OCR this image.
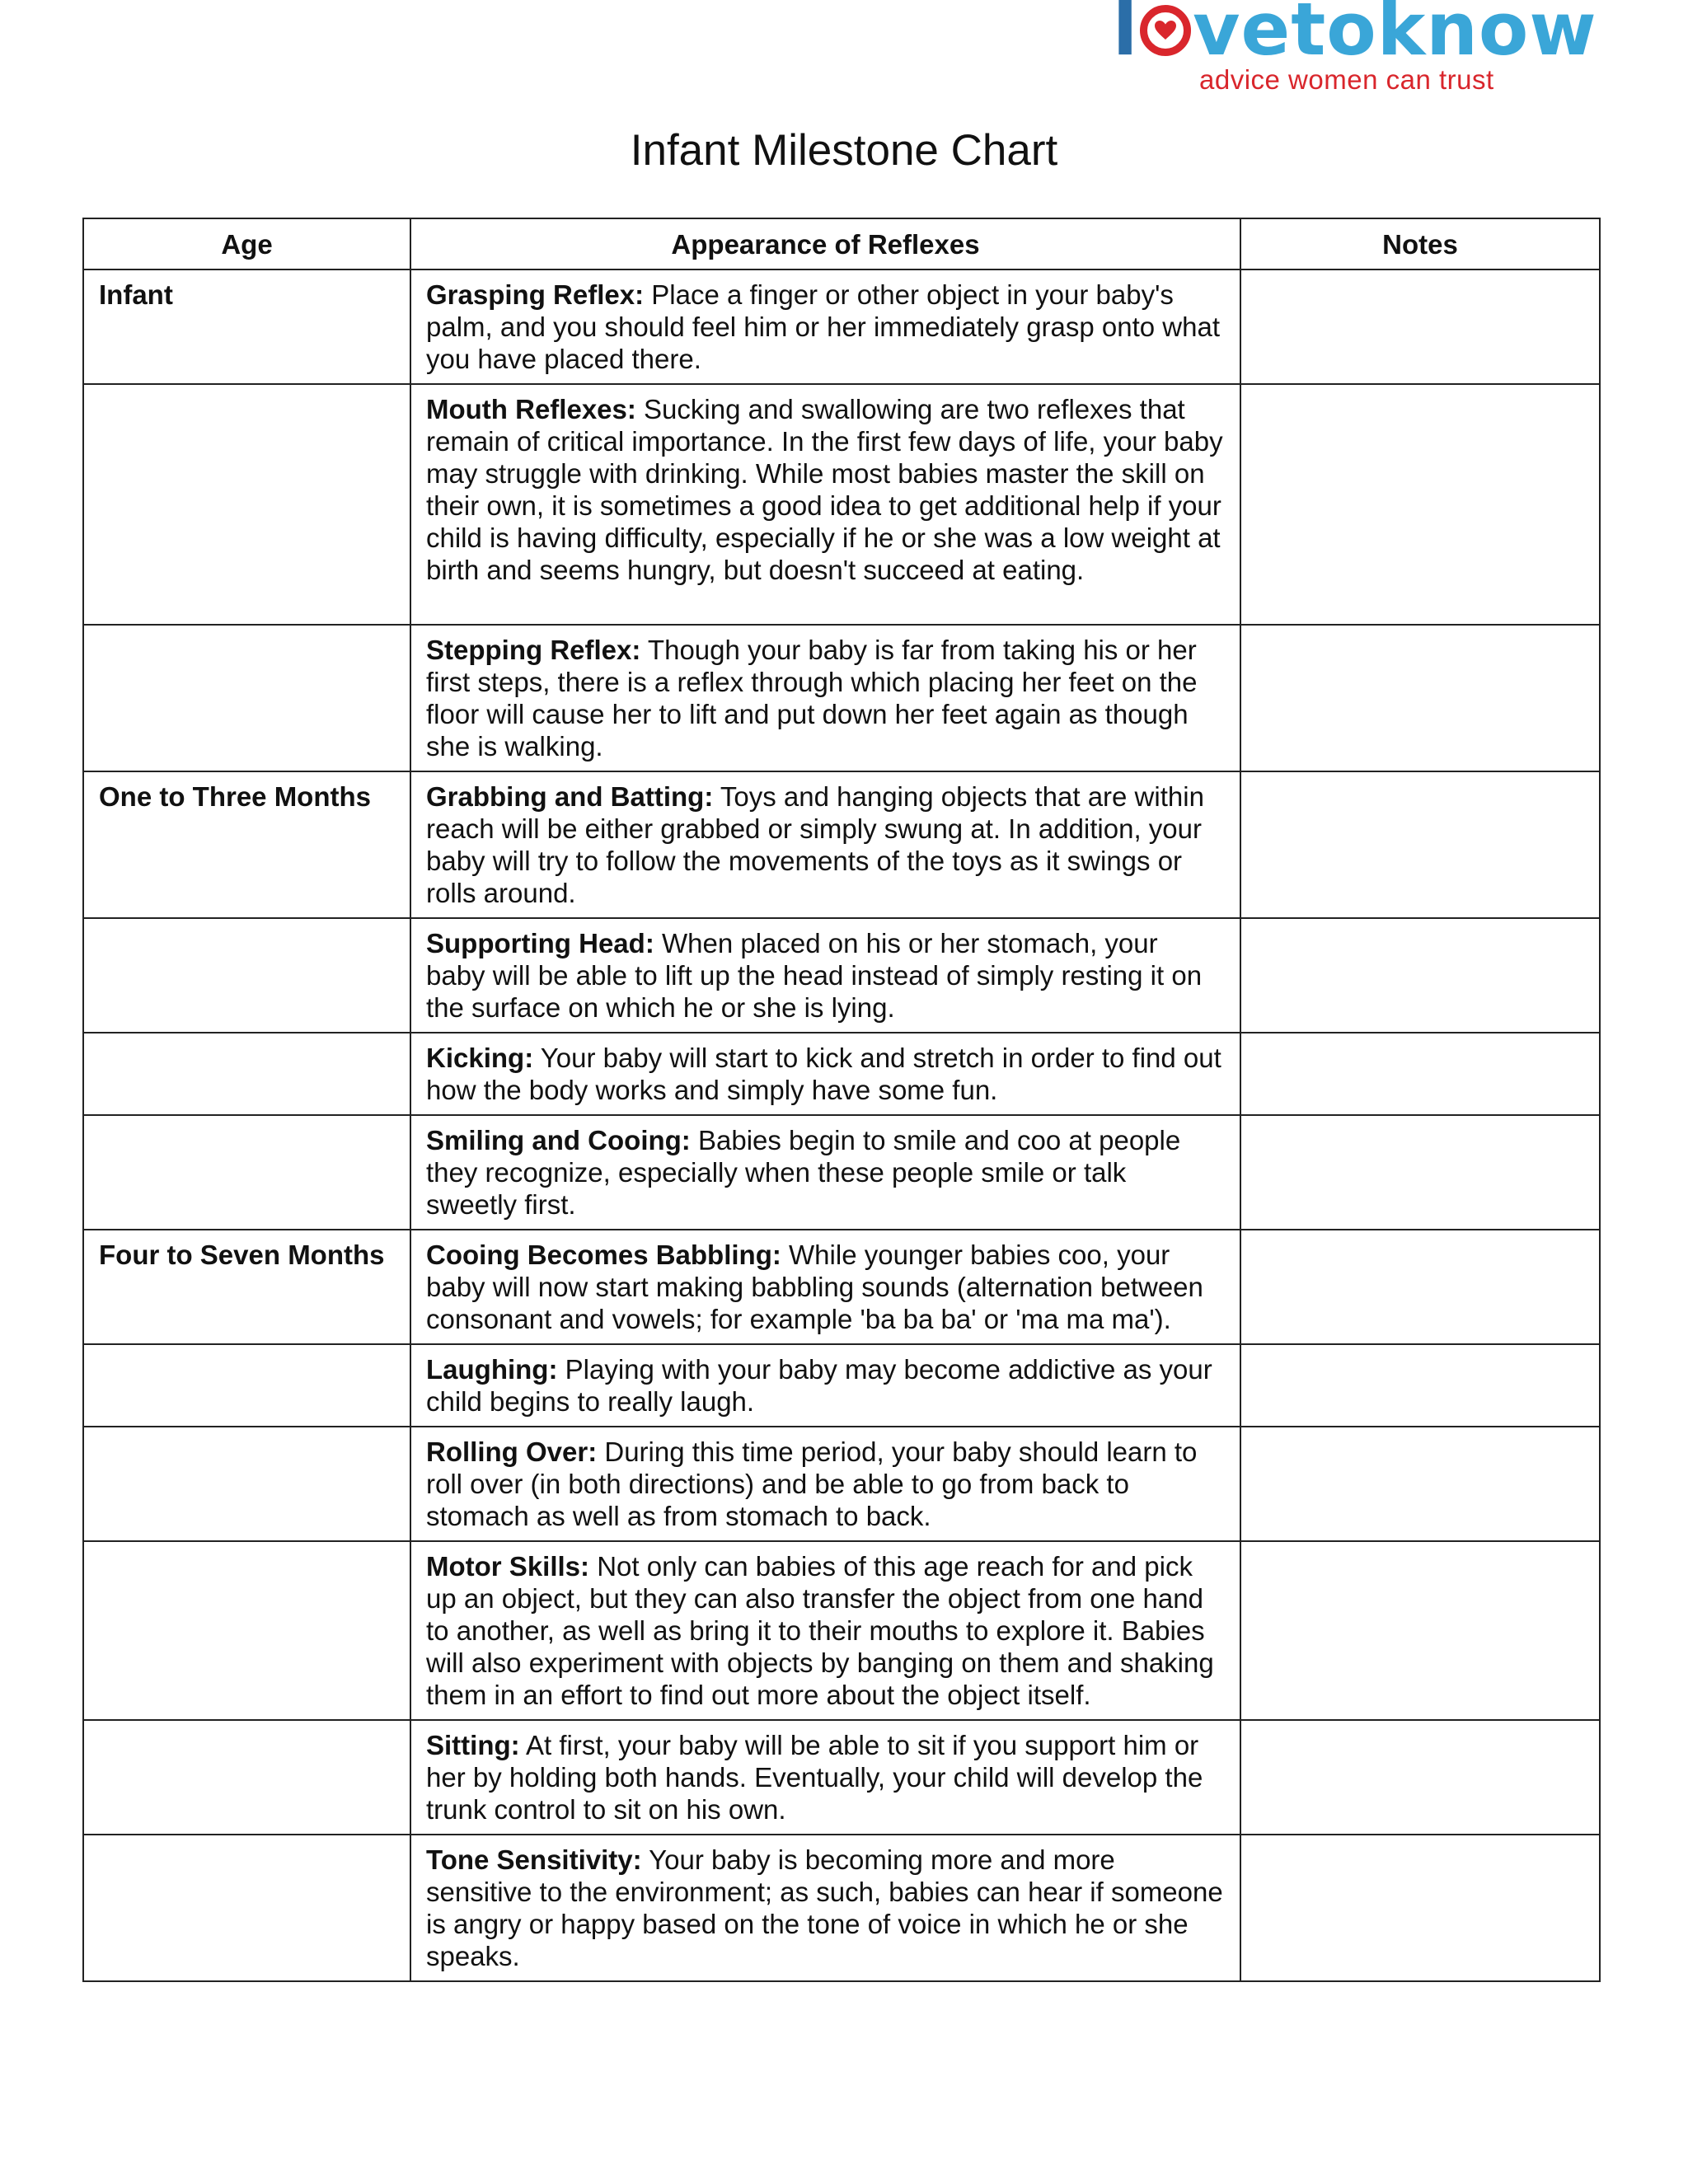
l vetoknow
advice women can trust
Infant Milestone Chart
Age	Appearance of Reflexes	Notes
Infant	Grasping Reflex: Place a finger or other object in your baby's palm, and you should feel him or her immediately grasp onto what you have placed there.	
	Mouth Reflexes: Sucking and swallowing are two reflexes that remain of critical importance. In the first few days of life, your baby may struggle with drinking. While most babies master the skill on their own, it is sometimes a good idea to get additional help if your child is having difficulty, especially if he or she was a low weight at birth and seems hungry, but doesn't succeed at eating.	
	Stepping Reflex: Though your baby is far from taking his or her first steps, there is a reflex through which placing her feet on the floor will cause her to lift and put down her feet again as though she is walking.	
One to Three Months	Grabbing and Batting: Toys and hanging objects that are within reach will be either grabbed or simply swung at. In addition, your baby will try to follow the movements of the toys as it swings or rolls around.	
	Supporting Head: When placed on his or her stomach, your baby will be able to lift up the head instead of simply resting it on the surface on which he or she is lying.	
	Kicking: Your baby will start to kick and stretch in order to find out how the body works and simply have some fun.	
	Smiling and Cooing: Babies begin to smile and coo at people they recognize, especially when these people smile or talk sweetly first.	
Four to Seven Months	Cooing Becomes Babbling: While younger babies coo, your baby will now start making babbling sounds (alternation between consonant and vowels; for example 'ba ba ba' or 'ma ma ma').	
	Laughing: Playing with your baby may become addictive as your child begins to really laugh.	
	Rolling Over: During this time period, your baby should learn to roll over (in both directions) and be able to go from back to stomach as well as from stomach to back.	
	Motor Skills: Not only can babies of this age reach for and pick up an object, but they can also transfer the object from one hand to another, as well as bring it to their mouths to explore it. Babies will also experiment with objects by banging on them and shaking them in an effort to find out more about the object itself.	
	Sitting: At first, your baby will be able to sit if you support him or her by holding both hands. Eventually, your child will develop the trunk control to sit on his own.	
	Tone Sensitivity: Your baby is becoming more and more sensitive to the environment; as such, babies can hear if someone is angry or happy based on the tone of voice in which he or she speaks.	
